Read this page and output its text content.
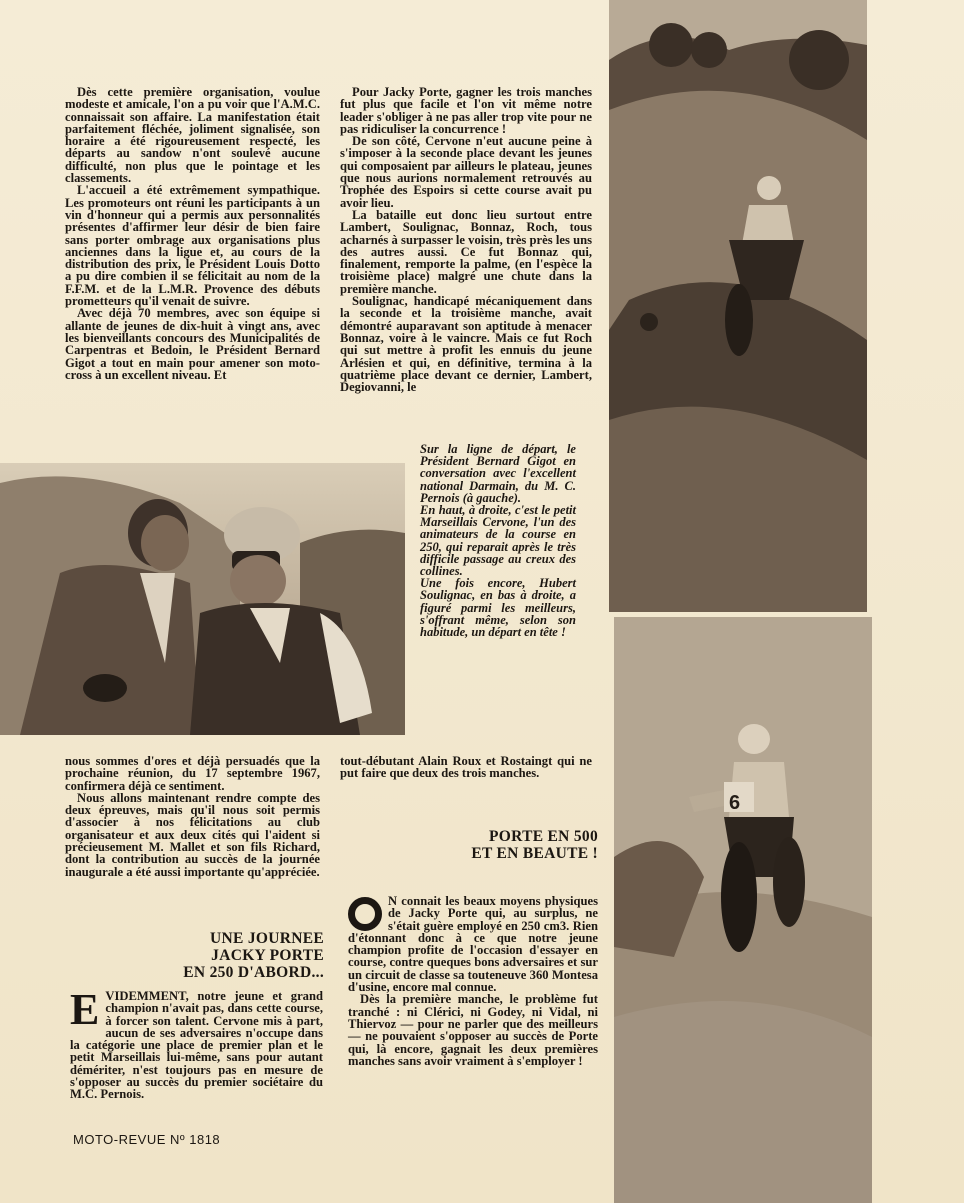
Dès cette première organisation, voulue modeste et amicale, l'on a pu voir que l'A.M.C. connaissait son affaire. La manifestation était parfaitement fléchée, joliment signalisée, son horaire a été rigoureusement respecté, les départs au sandow n'ont soulevé aucune difficulté, non plus que le pointage et les classements.

L'accueil a été extrêmement sympathique. Les promoteurs ont réuni les participants à un vin d'honneur qui a permis aux personnalités présentes d'affirmer leur désir de bien faire sans porter ombrage aux organisations plus anciennes dans la ligue et, au cours de la distribution des prix, le Président Louis Dotto a pu dire combien il se félicitait au nom de la F.F.M. et de la L.M.R. Provence des débuts prometteurs qu'il venait de suivre.

Avec déjà 70 membres, avec son équipe si allante de jeunes de dix-huit à vingt ans, avec les bienveillants concours des Municipalités de Carpentras et Bedoin, le Président Bernard Gigot a tout en main pour amener son moto-cross à un excellent niveau. Et

Pour Jacky Porte, gagner les trois manches fut plus que facile et l'on vit même notre leader s'obliger à ne pas aller trop vite pour ne pas ridiculiser la concurrence !

De son côté, Cervone n'eut aucune peine à s'imposer à la seconde place devant les jeunes qui composaient par ailleurs le plateau, jeunes que nous aurions normalement retrouvés au Trophée des Espoirs si cette course avait pu avoir lieu.

La bataille eut donc lieu surtout entre Lambert, Soulignac, Bonnaz, Roch, tous acharnés à surpasser le voisin, très près les uns des autres aussi. Ce fut Bonnaz qui, finalement, remporte la palme, (en l'espèce la troisième place) malgré une chute dans la première manche.

Soulignac, handicapé mécaniquement dans la seconde et la troisième manche, avait démontré auparavant son aptitude à menacer Bonnaz, voire à le vaincre. Mais ce fut Roch qui sut mettre à profit les ennuis du jeune Arlésien et qui, en définitive, termina à la quatrième place devant ce dernier, Lambert, Degiovanni, le

Sur la ligne de départ, le Président Bernard Gigot en conversation avec l'excellent national Darmain, du M. C. Pernois (à gauche).

En haut, à droite, c'est le petit Marseillais Cervone, l'un des animateurs de la course en 250, qui reparait après le très difficile passage au creux des collines.

Une fois encore, Hubert Soulignac, en bas à droite, a figuré parmi les meilleurs, s'offrant même, selon son habitude, un départ en tête !

6

nous sommes d'ores et déjà persuadés que la prochaine réunion, du 17 septembre 1967, confirmera déjà ce sentiment.

Nous allons maintenant rendre compte des deux épreuves, mais qu'il nous soit permis d'associer à nos félicitations au club organisateur et aux deux cités qui l'aident si précieusement M. Mallet et son fils Richard, dont la contribution au succès de la journée inaugurale a été aussi importante qu'appréciée.

tout-débutant Alain Roux et Rostaingt qui ne put faire que deux des trois manches.

UNE JOURNEE
JACKY PORTE
EN 250 D'ABORD...
PORTE EN 500
ET EN BEAUTE !
E VIDEMMENT, notre jeune et grand champion n'avait pas, dans cette course, à forcer son talent. Cervone mis à part, aucun de ses adversaires n'occupe dans la catégorie une place de premier plan et le petit Marseillais lui-même, sans pour autant démériter, n'est toujours pas en mesure de s'opposer au succès du premier sociétaire du M.C. Pernois.

N connait les beaux moyens physiques de Jacky Porte qui, au surplus, ne s'était guère employé en 250 cm3. Rien d'étonnant donc à ce que notre jeune champion profite de l'occasion d'essayer en course, contre queques bons adversaires et sur un circuit de classe sa touteneuve 360 Montesa d'usine, encore mal connue.

Dès la première manche, le problème fut tranché : ni Clérici, ni Godey, ni Vidal, ni Thiervoz — pour ne parler que des meilleurs — ne pouvaient s'opposer au succès de Porte qui, là encore, gagnait les deux premières manches sans avoir vraiment à s'employer !

MOTO-REVUE Nº 1818
